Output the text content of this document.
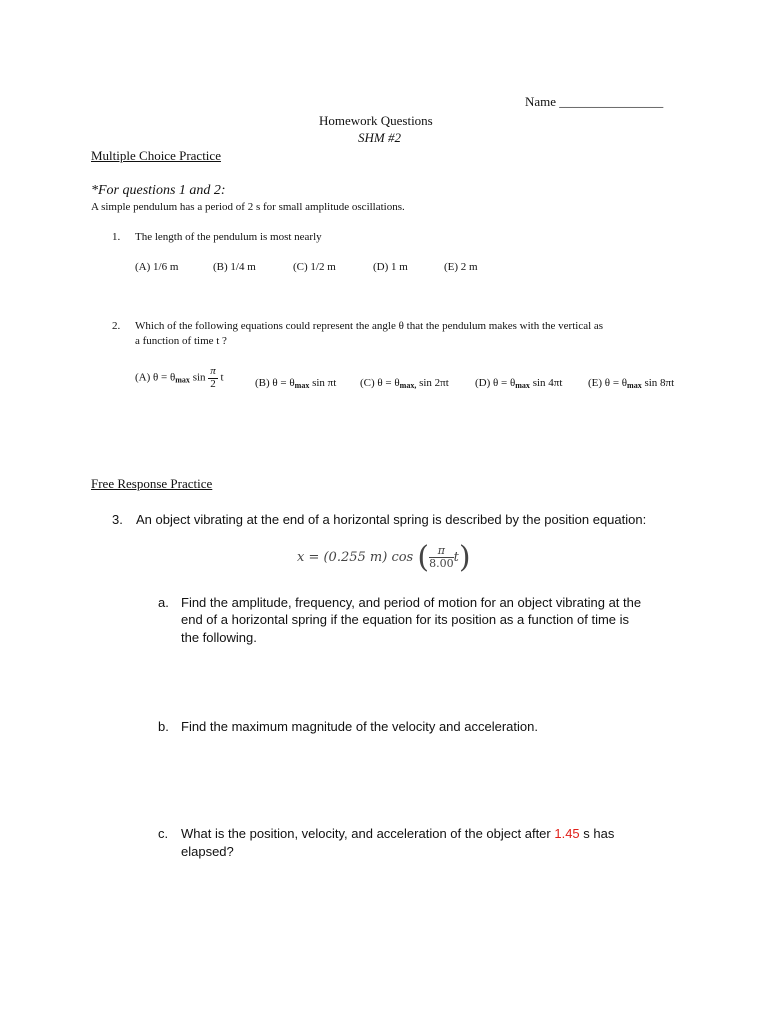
Name ________________
Homework Questions
SHM #2
Multiple Choice Practice
*For questions 1 and 2:
A simple pendulum has a period of 2 s for small amplitude oscillations.
1. The length of the pendulum is most nearly
(A) 1/6 m	(B) 1/4 m	(C) 1/2 m	(D) 1 m	(E) 2 m
2. Which of the following equations could represent the angle θ that the pendulum makes with the vertical as
a function of time t ?
(A) $\theta = \theta_{max}$ $\sin \frac{\pi}{2}$ t	(B) $\theta = \theta_{max}$ sin πt (C) $\theta = \theta_{max,}$ sin 2πt (D) $\theta = \theta_{max}$ sin 4πt (E) $\theta = \theta_{max}$ sin 8πt
Free Response Practice
3. An object vibrating at the end of a horizontal spring is described by the position equation:
x = (0.255 m) cos ( $\frac{\pi}{8.00} t$)
a. Find the amplitude, frequency, and period of motion for an object vibrating at the
end of a horizontal spring if the equation for its position as a function of time is
the following.
b. Find the maximum magnitude of the velocity and acceleration.
c. What is the position, velocity, and acceleration of the object after 1.45 s has
elapsed?
